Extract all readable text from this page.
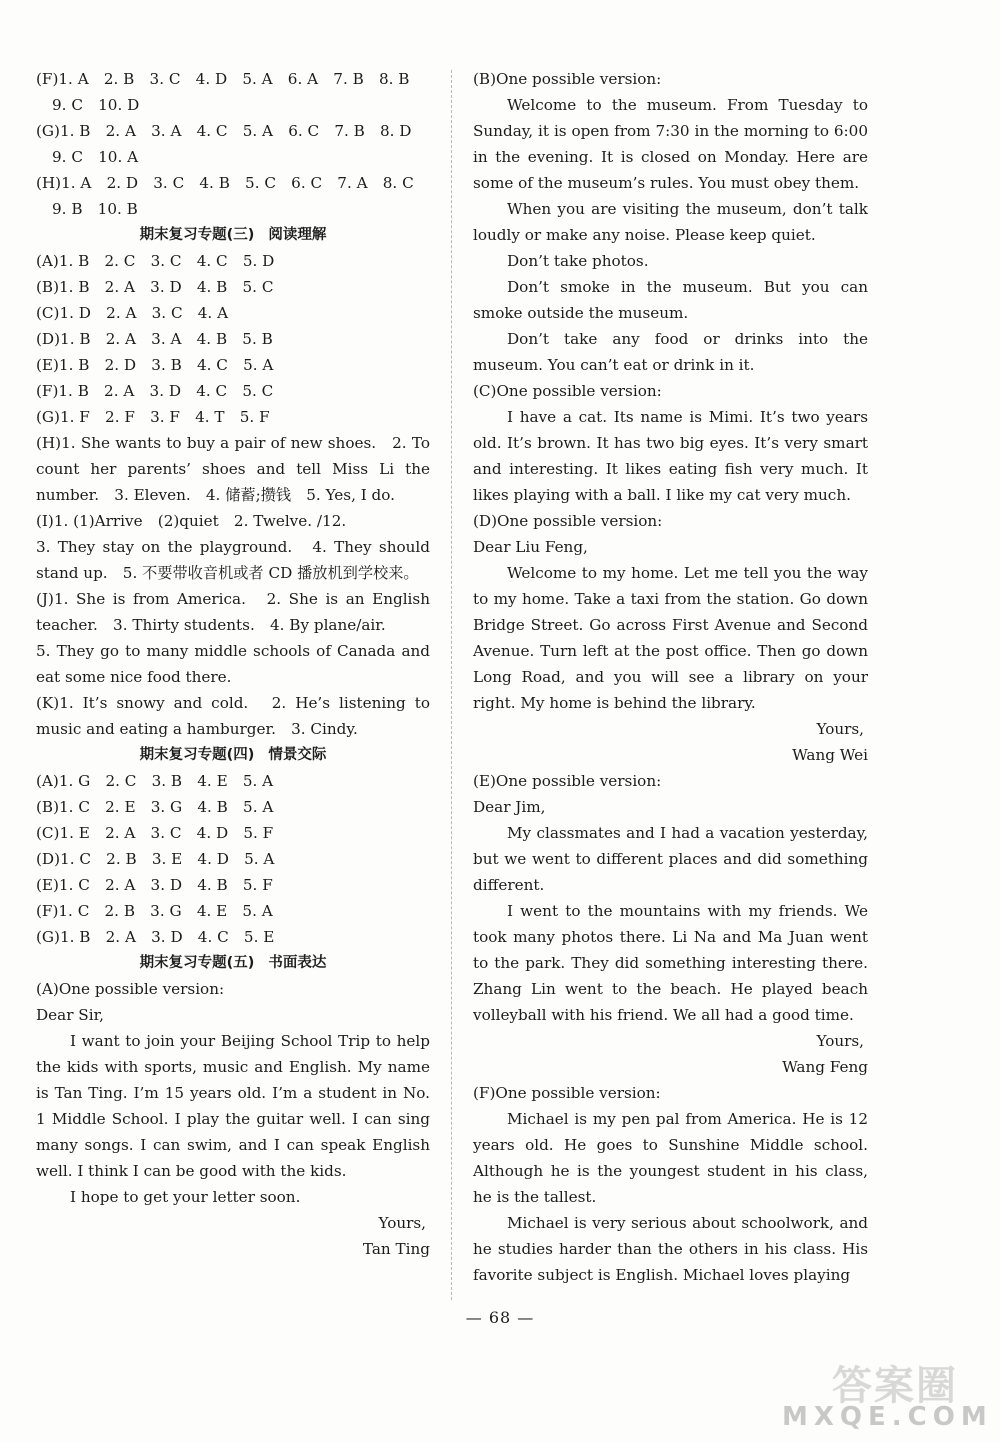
(F)1. A　2. B　3. C　4. D　5. A　6. A　7. B　8. B

9. C　10. D

(G)1. B　2. A　3. A　4. C　5. A　6. C　7. B　8. D

9. C　10. A

(H)1. A　2. D　3. C　4. B　5. C　6. C　7. A　8. C

9. B　10. B

期末复习专题(三) 阅读理解

(A)1. B　2. C　3. C　4. C　5. D

(B)1. B　2. A　3. D　4. B　5. C

(C)1. D　2. A　3. C　4. A

(D)1. B　2. A　3. A　4. B　5. B

(E)1. B　2. D　3. B　4. C　5. A

(F)1. B　2. A　3. D　4. C　5. C

(G)1. F　2. F　3. F　4. T　5. F

(H)1. She wants to buy a pair of new shoes.　2. To count her parents’ shoes and tell Miss Li the number.　3. Eleven.　4. 储蓄;攒钱　5. Yes, I do.

(I)1. (1)Arrive　(2)quiet　2. Twelve. /12.

3. They stay on the playground.　4. They should stand up.　5. 不要带收音机或者 CD 播放机到学校来。

(J)1. She is from America.　2. She is an English teacher.　3. Thirty students.　4. By plane/air.

5. They go to many middle schools of Canada and eat some nice food there.

(K)1. It’s snowy and cold.　2. He’s listening to music and eating a hamburger.　3. Cindy.

期末复习专题(四) 情景交际

(A)1. G　2. C　3. B　4. E　5. A

(B)1. C　2. E　3. G　4. B　5. A

(C)1. E　2. A　3. C　4. D　5. F

(D)1. C　2. B　3. E　4. D　5. A

(E)1. C　2. A　3. D　4. B　5. F

(F)1. C　2. B　3. G　4. E　5. A

(G)1. B　2. A　3. D　4. C　5. E

期末复习专题(五) 书面表达

(A)One possible version:

Dear Sir,

I want to join your Beijing School Trip to help the kids with sports, music and English. My name is Tan Ting. I’m 15 years old. I’m a student in No. 1 Middle School. I play the guitar well. I can sing many songs. I can swim, and I can speak English well. I think I can be good with the kids.

I hope to get your letter soon.

Yours,

Tan Ting

(B)One possible version:

Welcome to the museum. From Tuesday to Sunday, it is open from 7:30 in the morning to 6:00 in the evening. It is closed on Monday. Here are some of the museum’s rules. You must obey them.

When you are visiting the museum, don’t talk loudly or make any noise. Please keep quiet.

Don’t take photos.

Don’t smoke in the museum. But you can smoke outside the museum.

Don’t take any food or drinks into the museum. You can’t eat or drink in it.

(C)One possible version:

I have a cat. Its name is Mimi. It’s two years old. It’s brown. It has two big eyes. It’s very smart and interesting. It likes eating fish very much. It likes playing with a ball. I like my cat very much.

(D)One possible version:

Dear Liu Feng,

Welcome to my home. Let me tell you the way to my home. Take a taxi from the station. Go down Bridge Street. Go across First Avenue and Second Avenue. Turn left at the post office. Then go down Long Road, and you will see a library on your right. My home is behind the library.

Yours,

Wang Wei

(E)One possible version:

Dear Jim,

My classmates and I had a vacation yesterday, but we went to different places and did something different.

I went to the mountains with my friends. We took many photos there. Li Na and Ma Juan went to the park. They did something interesting there. Zhang Lin went to the beach. He played beach volleyball with his friend. We all had a good time.

Yours,

Wang Feng

(F)One possible version:

Michael is my pen pal from America. He is 12 years old. He goes to Sunshine Middle school. Although he is the youngest student in his class, he is the tallest.

Michael is very serious about schoolwork, and he studies harder than the others in his class. His favorite subject is English. Michael loves playing

— 68 —
答案圈
MXQE.COM
